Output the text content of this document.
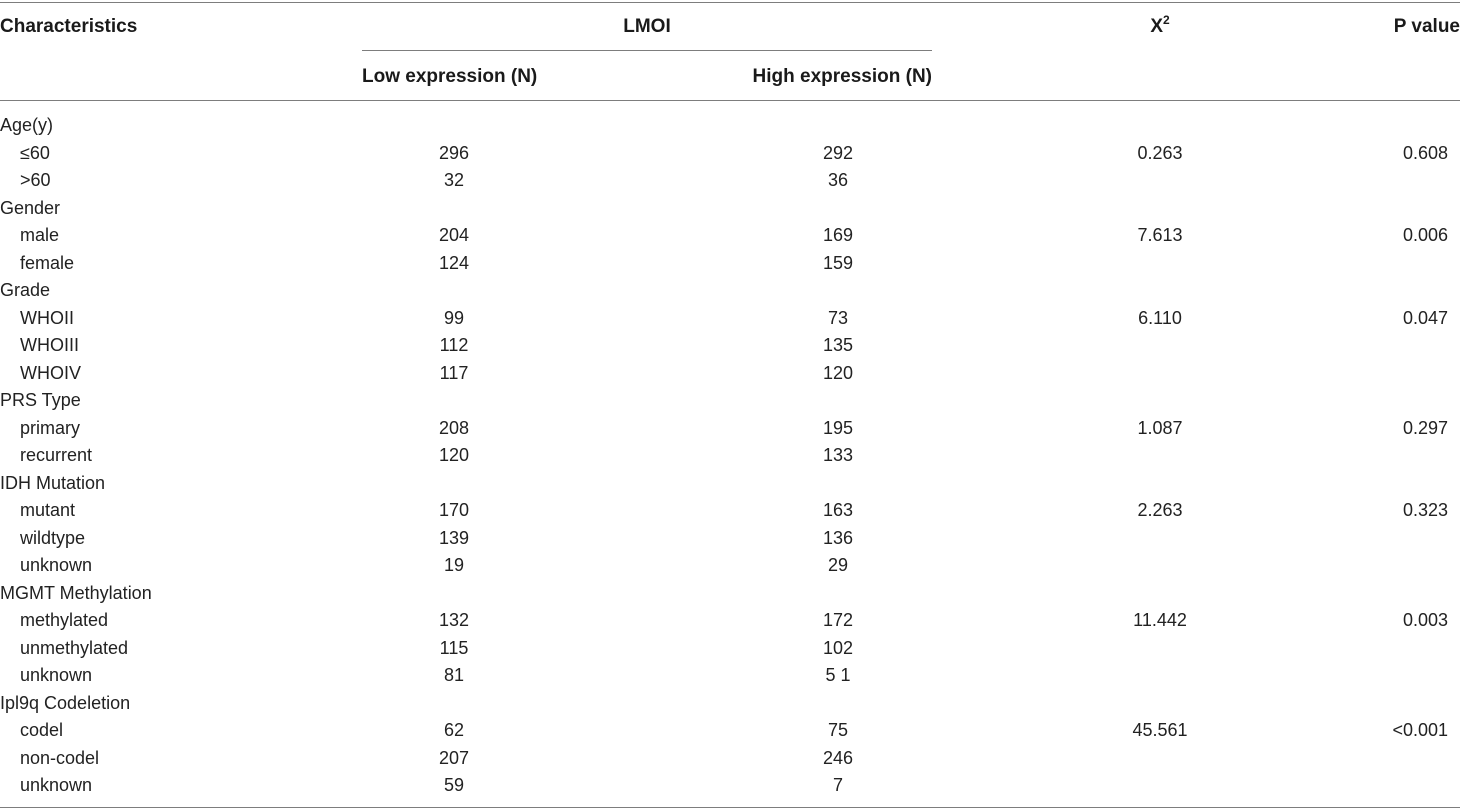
Characteristics	LMOI	$X^2$	P value
Low expression (N)	High expression (N)
Age(y)
≤60	296	292	0.263	0.608
>60	32	36
Gender
male	204	169	7.613	0.006
female	124	159
Grade
WHOII	99	73	6.110	0.047
WHOIII	112	135
WHOIV	117	120
PRS Type
primary	208	195	1.087	0.297
recurrent	120	133
IDH Mutation
mutant	170	163	2.263	0.323
wildtype	139	136
unknown	19	29
MGMT Methylation
methylated	132	172	11.442	0.003
unmethylated	115	102
unknown	81	5 1
Ipl9q Codeletion
codel	62	75	45.561	<0.001
non-codel	207	246
unknown	59	7
